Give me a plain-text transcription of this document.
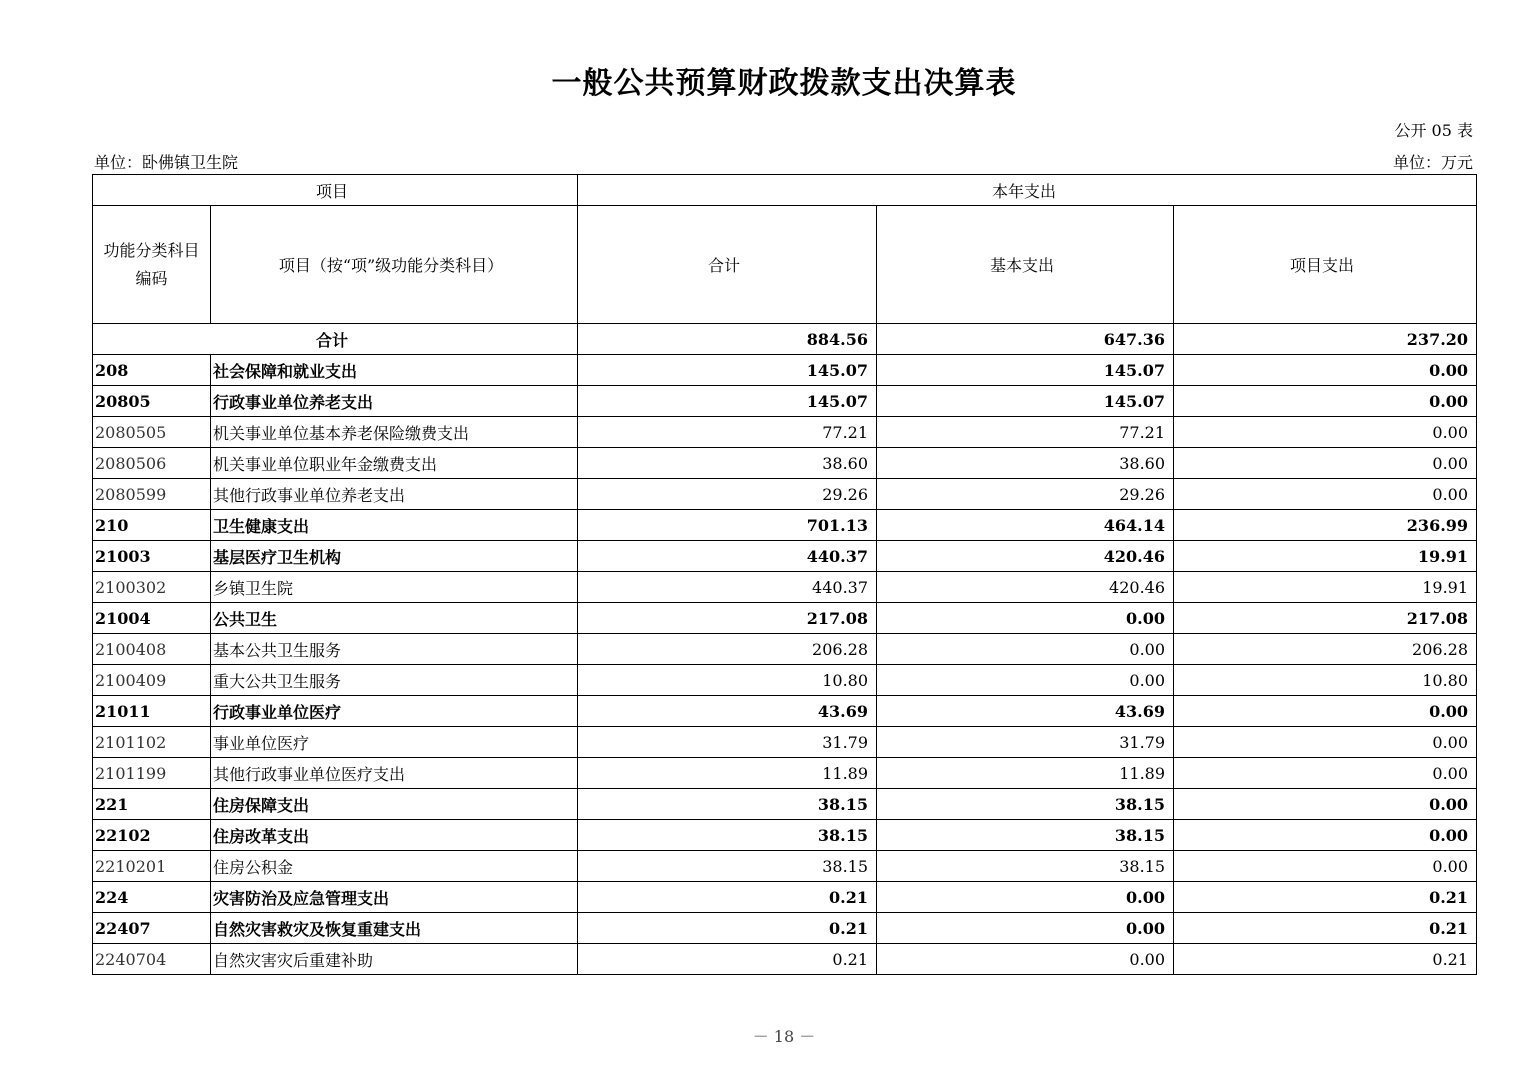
一般公共预算财政拨款支出决算表
公开 05 表
单位：卧佛镇卫生院	单位：万元
项目		本年支出		
功能分类科目编码	项目（按“项”级功能分类科目）	合计	基本支出	项目支出
合计		884.56	647.36	237.20
208	社会保障和就业支出	145.07	145.07	0.00
20805	行政事业单位养老支出	145.07	145.07	0.00
2080505	机关事业单位基本养老保险缴费支出	77.21	77.21	0.00
2080506	机关事业单位职业年金缴费支出	38.60	38.60	0.00
2080599	其他行政事业单位养老支出	29.26	29.26	0.00
210	卫生健康支出	701.13	464.14	236.99
21003	基层医疗卫生机构	440.37	420.46	19.91
2100302	乡镇卫生院	440.37	420.46	19.91
21004	公共卫生	217.08	0.00	217.08
2100408	基本公共卫生服务	206.28	0.00	206.28
2100409	重大公共卫生服务	10.80	0.00	10.80
21011	行政事业单位医疗	43.69	43.69	0.00
2101102	事业单位医疗	31.79	31.79	0.00
2101199	其他行政事业单位医疗支出	11.89	11.89	0.00
221	住房保障支出	38.15	38.15	0.00
22102	住房改革支出	38.15	38.15	0.00
2210201	住房公积金	38.15	38.15	0.00
224	灾害防治及应急管理支出	0.21	0.00	0.21
22407	自然灾害救灾及恢复重建支出	0.21	0.00	0.21
2240704	自然灾害灾后重建补助	0.21	0.00	0.21
－ 18 －
